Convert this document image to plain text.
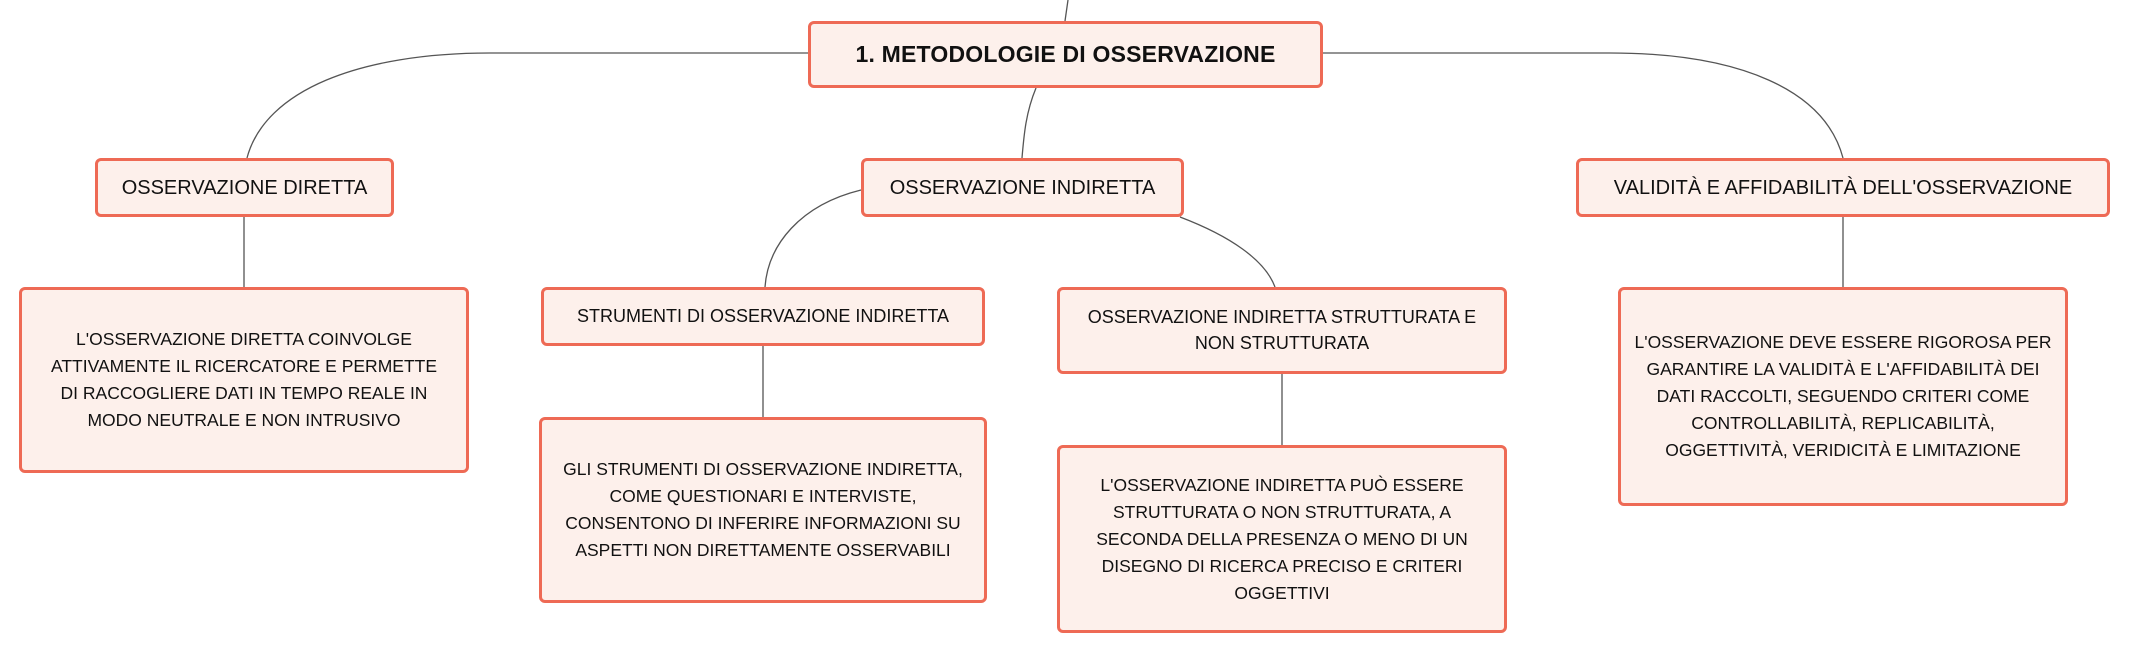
1. METODOLOGIE DI OSSERVAZIONE
OSSERVAZIONE DIRETTA	OSSERVAZIONE INDIRETTA	VALIDITÀ E AFFIDABILITÀ DELL'OSSERVAZIONE
STRUMENTI DI OSSERVAZIONE INDIRETTA	OSSERVAZIONE INDIRETTA STRUTTURATA E NON STRUTTURATA
L'OSSERVAZIONE DIRETTA COINVOLGE ATTIVAMENTE IL RICERCATORE E PERMETTE DI RACCOGLIERE DATI IN TEMPO REALE IN MODO NEUTRALE E NON INTRUSIVO
GLI STRUMENTI DI OSSERVAZIONE INDIRETTA, COME QUESTIONARI E INTERVISTE, CONSENTONO DI INFERIRE INFORMAZIONI SU ASPETTI NON DIRETTAMENTE OSSERVABILI
L'OSSERVAZIONE INDIRETTA PUÒ ESSERE STRUTTURATA O NON STRUTTURATA, A SECONDA DELLA PRESENZA O MENO DI UN DISEGNO DI RICERCA PRECISO E CRITERI OGGETTIVI
L'OSSERVAZIONE DEVE ESSERE RIGOROSA PER GARANTIRE LA VALIDITÀ E L'AFFIDABILITÀ DEI DATI RACCOLTI, SEGUENDO CRITERI COME CONTROLLABILITÀ, REPLICABILITÀ, OGGETTIVITÀ, VERIDICITÀ E LIMITAZIONE
